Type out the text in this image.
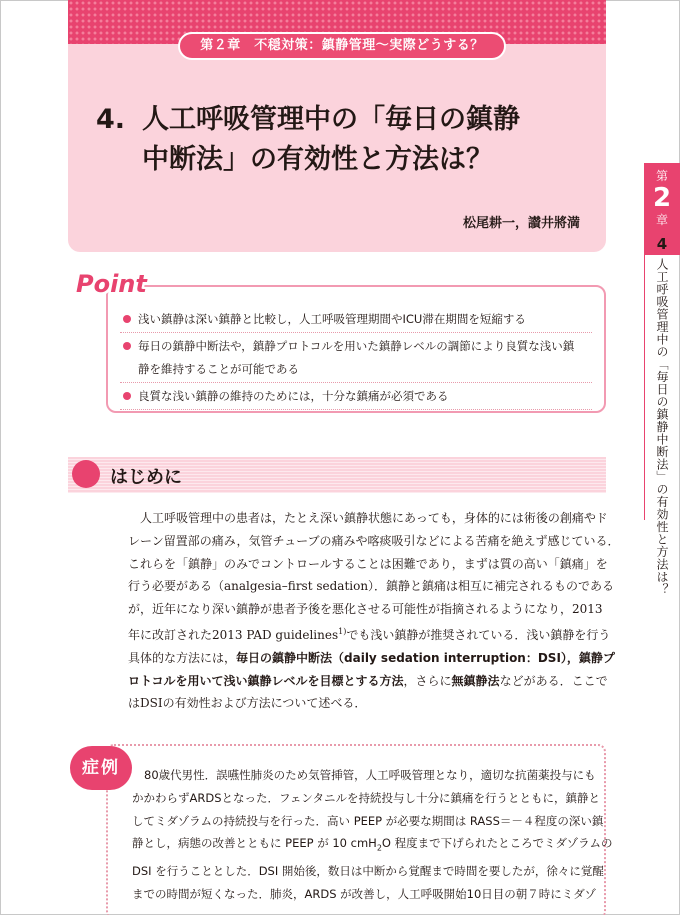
第２章　不穏対策：鎮静管理〜実際どうする？
4. 人工呼吸管理中の「毎日の鎮静
中断法」の有効性と方法は？
松尾耕一，讃井將満
第
2
章
4
人工呼吸管理中の「毎日の鎮静中断法」の有効性と方法は？
Point
浅い鎮静は深い鎮静と比較し，人工呼吸管理期間やICU滞在期間を短縮する
毎日の鎮静中断法や，鎮静プロトコルを用いた鎮静レベルの調節により良質な浅い鎮
静を維持することが可能である
良質な浅い鎮静の維持のためには，十分な鎮痛が必須である
はじめに
人工呼吸管理中の患者は，たとえ深い鎮静状態にあっても，身体的には術後の創痛やド
レーン留置部の痛み，気管チューブの痛みや喀痰吸引などによる苦痛を絶えず感じている．
これらを「鎮静」のみでコントロールすることは困難であり，まずは質の高い「鎮痛」を
行う必要がある（analgesia–first sedation）．鎮静と鎮痛は相互に補完されるものである
が，近年になり深い鎮静が患者予後を悪化させる可能性が指摘されるようになり，2013
年に改訂された2013 PAD guidelines$^{1)}$でも浅い鎮静が推奨されている．浅い鎮静を行う
具体的な方法には，毎日の鎮静中断法（daily sedation interruption：DSI），鎮静プ
ロトコルを用いて浅い鎮静レベルを目標とする方法，さらに無鎮静法などがある．ここで
はDSIの有効性および方法について述べる．
症例	80歳代男性．誤嚥性肺炎のため気管挿管，人工呼吸管理となり，適切な抗菌薬投与にも
かかわらずARDSとなった．フェンタニルを持続投与し十分に鎮痛を行うとともに，鎮静と
してミダゾラムの持続投与を行った．高い PEEP が必要な期間は RASS＝－４程度の深い鎮
静とし，病態の改善とともに PEEP が 10 cmH$_2$O 程度まで下げられたところでミダゾラムの
DSI を行うこととした．DSI 開始後，数日は中断から覚醒まで時間を要したが，徐々に覚醒
までの時間が短くなった．肺炎，ARDS が改善し，人工呼吸開始10日目の朝７時にミダゾ
